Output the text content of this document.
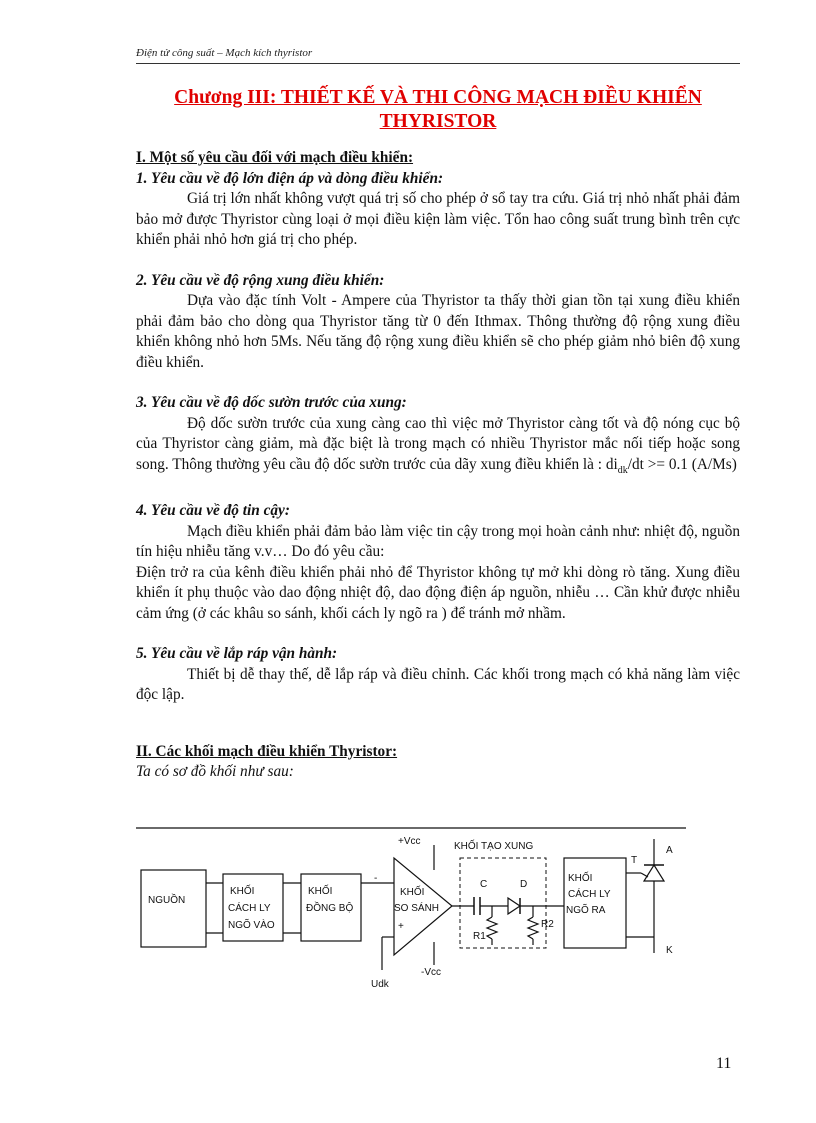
Điện tử công suất – Mạch kích thyristor
Chương III: THIẾT KẾ VÀ THI CÔNG MẠCH ĐIỀU KHIỂN THYRISTOR

I. Một số yêu cầu đối với mạch điều khiển:

1. Yêu cầu về độ lớn điện áp và dòng điều khiển:

Giá trị lớn nhất không vượt quá trị số cho phép ở sổ tay tra cứu. Giá trị nhỏ nhất phải đảm bảo mở được Thyristor cùng loại ở mọi điều kiện làm việc. Tổn hao công suất trung bình trên cực khiển phải nhỏ hơn giá trị cho phép.

2. Yêu cầu về độ rộng xung điều khiển:

Dựa vào đặc tính Volt - Ampere của Thyristor ta thấy thời gian tồn tại xung điều khiển phải đảm bảo cho dòng qua Thyristor tăng từ 0 đến Ithmax. Thông thường độ rộng xung điều khiển không nhỏ hơn 5Ms. Nếu tăng độ rộng xung điều khiển sẽ cho phép giảm nhỏ biên độ xung điều khiển.

3. Yêu cầu về độ dốc sườn trước của xung:

Độ dốc sườn trước của xung càng cao thì việc mở Thyristor càng tốt và độ nóng cục bộ của Thyristor càng giảm, mà đặc biệt là trong mạch có nhiều Thyristor mắc nối tiếp hoặc song song. Thông thường yêu cầu độ dốc sườn trước của dãy xung điều khiển là : $di_{dk}/dt >= 0.1$ (A/Ms)

4. Yêu cầu về độ tin cậy:

Mạch điều khiển phải đảm bảo làm việc tin cậy trong mọi hoàn cảnh như: nhiệt độ, nguồn tín hiệu nhiễu tăng v.v… Do đó yêu cầu:

Điện trở ra của kênh điều khiển phải nhỏ để Thyristor không tự mở khi dòng rò tăng. Xung điều khiển ít phụ thuộc vào dao động nhiệt độ, dao động điện áp nguồn, nhiễu … Cần khử được nhiễu cảm ứng (ở các khâu so sánh, khối cách ly ngõ ra ) để tránh mở nhầm.

5. Yêu cầu về lắp ráp vận hành:

Thiết bị dễ thay thế, dễ lắp ráp và điều chỉnh. Các khối trong mạch có khả năng làm việc độc lập.

II. Các khối mạch điều khiển Thyristor:

Ta có sơ đồ khối như sau:

NGUỒN
KHỐI
CÁCH LY
NGÕ VÀO
KHỐI
ĐỒNG BỘ
KHỐI
SO SÁNH
-
+
+Vcc
-Vcc
Udk
KHỐI TẠO XUNG
C	D
R1
R2
KHỐI
CÁCH LY
NGÕ RA
T
A
K
11
